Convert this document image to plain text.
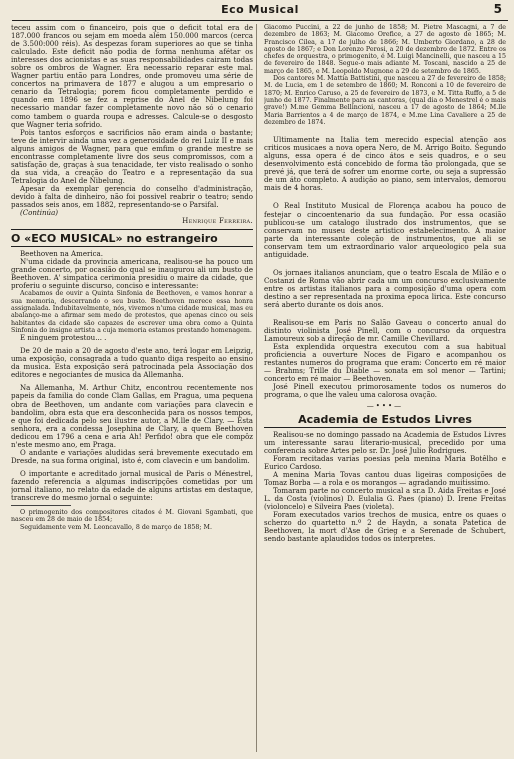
Eco Musical	5

teceu assim com o financeiro, pois que o deficit total era de 187.000 francos ou sejam em moeda além 150.000 marcos (cerca de 3.500:000 réis). As despezas foram superiores ao que se tinha calculado. Este deficit não podia de forma nenhuma afétar os interesses dos acionistas e as suas responsabilidades cairam todas sobre os ombros de Wagner. Era necessario reparar este mal. Wagner partiu então para Londres, onde promoveu uma série de concertos na primavera de 1877 e alugou a um empresario o cenario da Tetralogia; porem ficou completamente perdido e quando em 1896 se fez a reprise do Anel de Nibelung foi necessario mandar fazer completamente novo não só o cenario como tambem o guarda roupa e adresses. Calcule-se o desgosto que Wagner teria sofrido.

Pois tantos esforços e sacrificios não eram ainda o bastante; teve de intervir ainda uma vez a generosidade do rei Luiz II e mais alguns amigos de Wagner, para que emfim o grande mestre se encontrasse completamente livre dos seus compromissos, com a satisfação de, graças à sua tenacidade, ter visto realisado o sonho da sua vida, a creação do Teatro e a representação da sua Tetralogia do Anel de Nibelung.

Apesar da exemplar gerencia do conselho d'administração, devido à falta de dinheiro, não foi possivel reabrir o teatro; sendo passados seis anos, em 1882, representando-se o Parsifal.

(Continúa)

Henrique Ferreira.

O «ECO MUSICAL» no estrangeiro

Beethoven na America.

N'uma cidade da provincia americana, realisou-se ha pouco um grande concerto, por ocasião do qual se inaugurou ali um busto de Beethoven. A' simpatica cerimonia presidiu o maire da cidade, que proferiu o seguinte discurso, conciso e interessante:

Acabamos de ouvir a Quinta Sinfonia de Beethoven, e vamos honrar a sua memoria, descerrando o seu busto. Beethoven merece essa honra assignalada. Indubitavelmente, nós, vivemos n'uma cidade musical, mas eu abalanço-me a afirmar sem medo de protestos, que apenas cinco ou seis habitantes da cidade são capazes de escrever uma obra como a Quinta Sinfonia do insigne artista a cuja memoria estamos prestando homenagem.

E ninguem protestou... .

De 20 de maio a 20 de agosto d'este ano, terá logar em Leipzig, uma exposição, consagrada a tudo quanto diga respeito ao ensino da musica. Esta exposição será patrocinada pela Associação dos editores e negociantes de musica da Allemanha.

Na Allemanha, M. Arthur Chitz, encontrou recentemente nos papeis da familia do conde Clam Gallas, em Praguа, uma pequena obra de Beethoven, um andante com variações para clavecin e bandolim, obra esta que era desconhecida para os nossos tempos, e que foi dedicada pelo seu ilustre autor, a M.lle de Clary. — Esta senhora, era a condessa Josephina de Clary, a quem Beethoven dedicou em 1796 a cena e aria Ah! Perfido! obra que ele compôz n'este mesmo ano, em Praga.

O andante e variações aludidas será brevemente executado em Dresde, na sua forma original, isto é, com clavecin e um bandolim.

O importante e acreditado jornal musical de Paris o Ménestrel, fazendo referencia a algumas indiscripções cometidas por um jornal italiano, no relato da edade de alguns artistas em destaque, transcreve do mesmo jornal o seguinte:

O primogenito dos compositores citados é M. Giovani Sgambati, que nasceu em 28 de maio de 1854;

Seguidamente vem M. Leoncavallo, 8 de março de 1858; M.

Giacomo Puccini, a 22 de junho de 1858; M. Pietre Mascagni, a 7 de dezembro de 1863; M. Giacomo Orefice, a 27 de agosto de 1865; M. Francisco Cilea, a 17 de julho de 1866; M. Umberto Giordano, a 28 de agosto de 1867; e Don Lorenzo Perosi, a 20 de dezembro de 1872. Entre os chefes de orquestra, o primogenito, é M. Luigi Mancinelli, que nasceu a 15 de fevereiro de 1848. Segue-o mais adiante M. Toscani, nascido a 25 de março de 1865, e M. Leopoldo Mugnone a 29 de setembro de 1865.

Dos cantores M. Mattia Battistini, que nasceu a 27 de fevereiro de 1858; M. de Lucia, em 1 de setembro de 1860; M. Ronconi a 10 de fevereiro de 1870; M. Enrico Caruso, a 25 de fevereiro de 1873, e M. Titta Ruffo, a 5 de junho de 1877. Finalmente para as cantoras, (qual dia o Menestrel é o mais grave!) M.me Gemma Bellincioni, nasceu a 17 de agosto de 1864; M.lle Maria Barrientos a 4 de março de 1874, e M.me Lina Cavaliere a 25 de dezembro de 1874.

Ultimamente na Italia tem merecido especial atenção aos criticos musicaes a nova opera Nero, de M. Arrigo Boito. Segundo alguns, essa opera é de cinco átos e seis quadros, e o seu desenvolvimento está concebido de forma tão prolongada, que se prevé já, que terá de sofrer um enorme corte, ou seja a supressão de um áto completo. A audição ao piano, sem intervalos, demorou mais de 4 horas.

O Real Instituto Musical de Florença acabou ha pouco de festejar o cincoentenario da sua fundação. Por essa ocasião publicou-se um catalogo ilustrado dos instrumentos, que se conservam no museu deste artistico estabelecimento. A maior parte da interessante coleção de instrumentos, que ali se conservam tem um extraordinario valor arqueologico pela sua antiguidade.

Os jornaes italianos anunciam, que o teatro Escala de Milão e o Costanzi de Roma vão abrir cada um um concurso exclusivamente entre os artistas italianos para a composição d'uma opera com destino a ser representada na proxima epoca lirica. Este concurso será aberto durante os dois anos.

Realisou-se em Paris no Salão Gaveau o concerto anual do distinto violinista José Pinell, com o concurso da orquestra Lamoureux sob a direção de mr. Camille Chevillard.

Esta explendida orquestra executou com a sua habitual proficiencia a ouverture Noces de Figaro e acompanhou os restantes numeros do programa que eram: Concerto em ré maior — Brahms; Trille du Diable — sonata em sol menor — Tartini; concerto em ré maior — Beethoven.

José Pinell executou primorosamente todos os numeros do programa, o que lhe valeu uma calorosa ovação.

—•••—
Academia de Estudos Livres

Realisou-se no domingo passado na Academia de Estudos Livres um interessante sarau literario-musical, precedido por uma conferencia sobre Artes pelo sr. Dr. José Julio Rodrigues.

Foram recitadas varias poesias pela menina Maria Botêlho e Eurico Cardoso.

A menina Maria Tovas cantou duas ligeiras composições de Tomaz Borba — a rola e os morangos — agradando muitissimo.

Tomaram parte no concerto musical a sr.a D. Aida Freitas e José L. da Costa (violinos) D. Eulalia G. Paes (piano) D. Irene Freitas (violoncelo) e Silveira Paes (violeta).

Foram executados varios trechos de musica, entre os quaes o scherzo do quartetto n.º 2 de Haydn, a sonata Patetica de Beethoven, la mort d'Ase de Grieg e a Serenade de Schubert, sendo bastante aplaudidos todos os interpretes.
